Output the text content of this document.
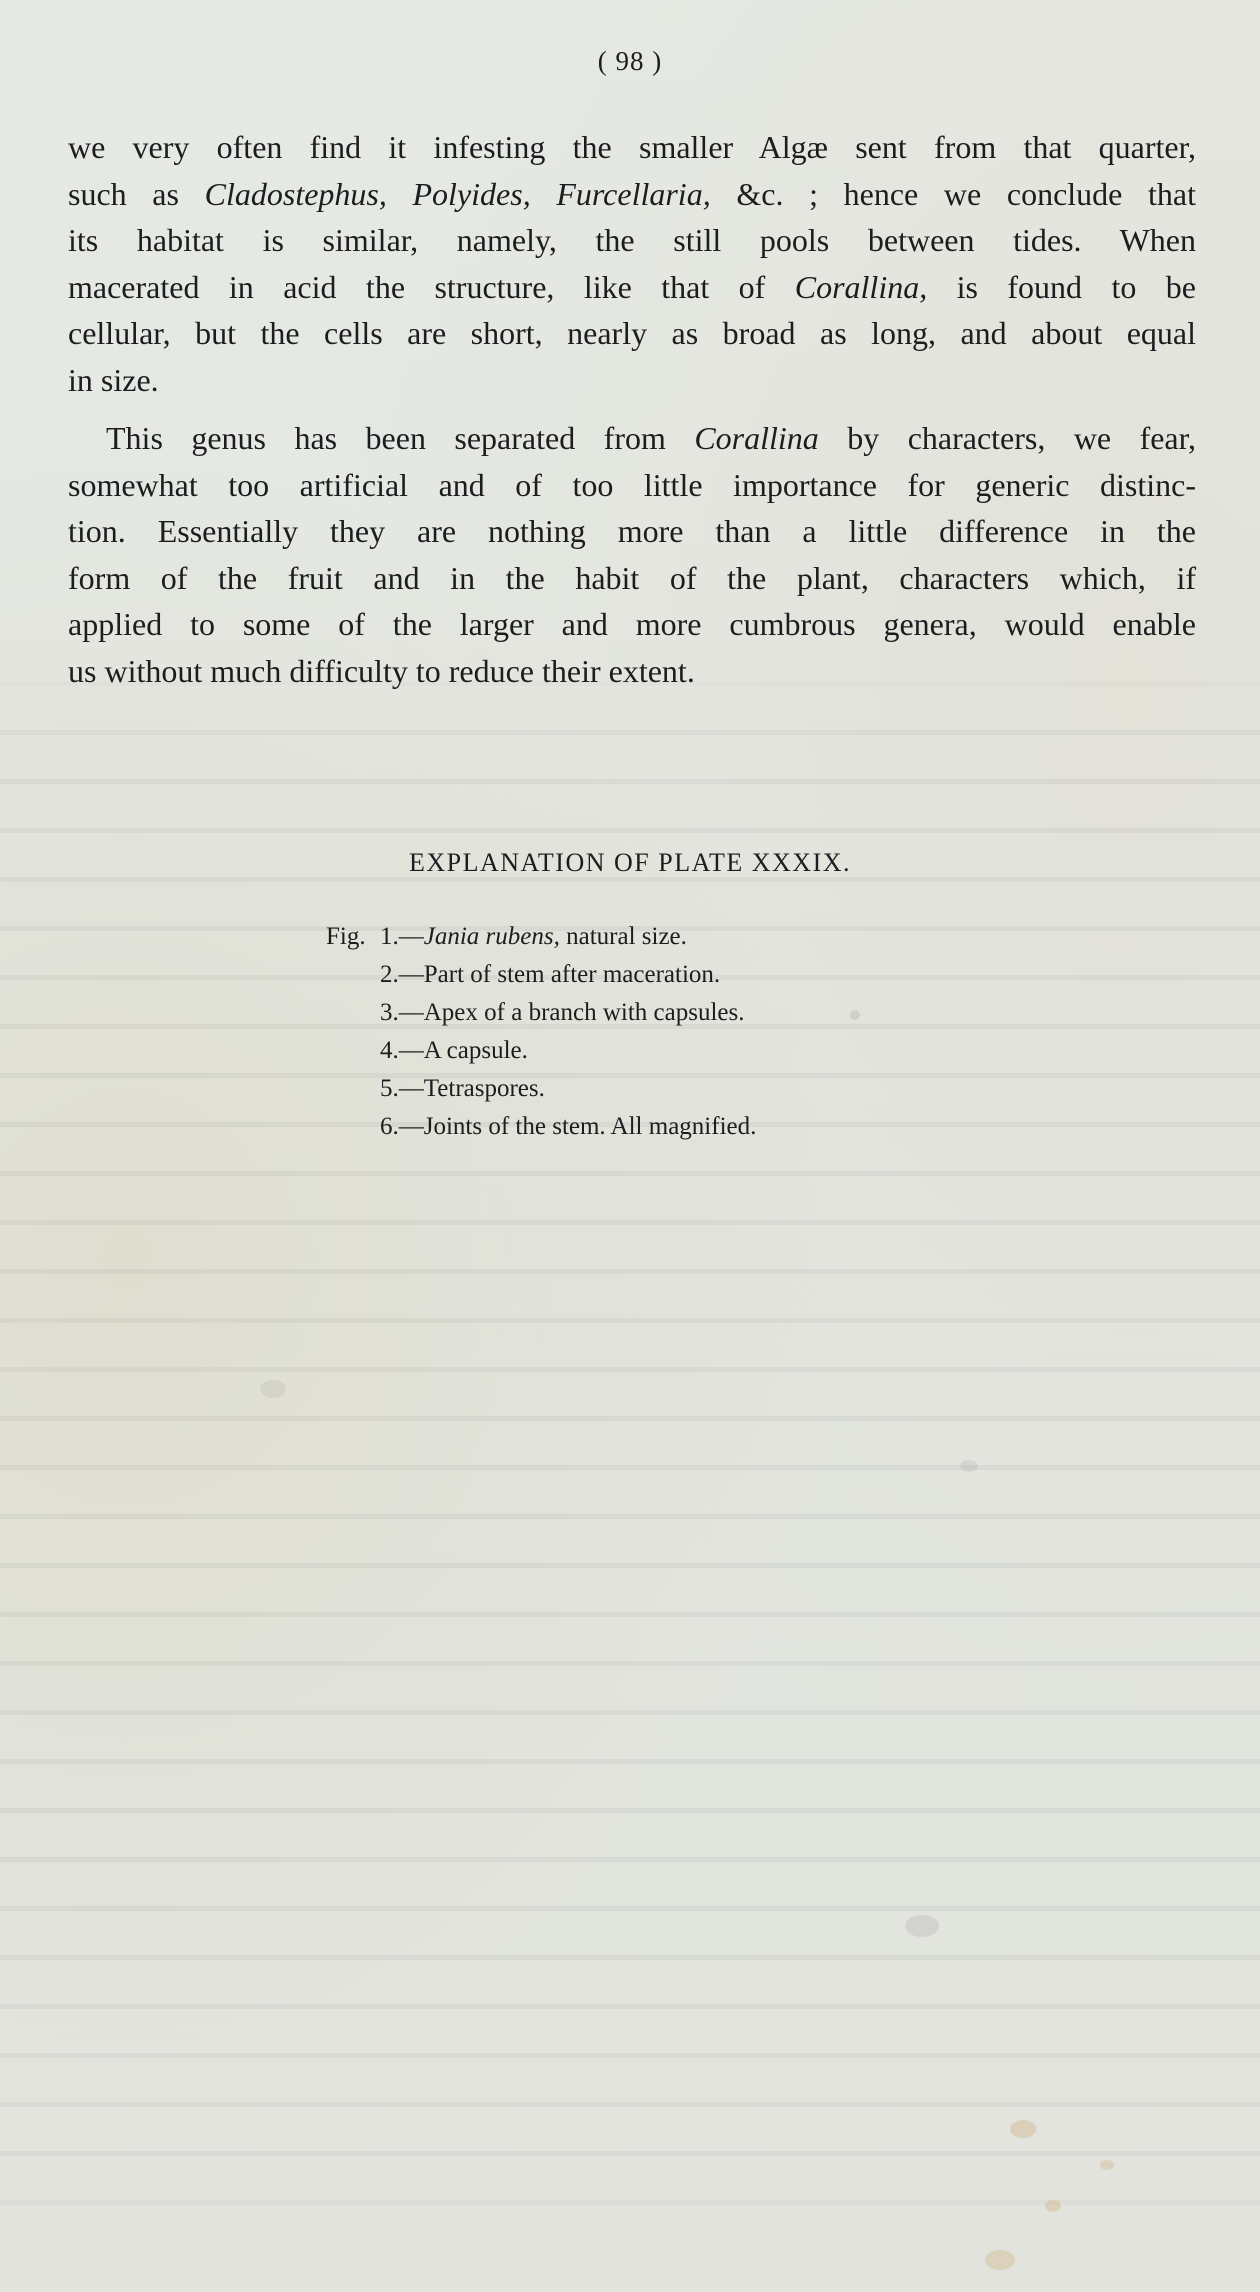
( 98 )

we very often find it infesting the smaller Algæ sent from that quarter,
such as Cladostephus, Polyides, Furcellaria, &c. ; hence we conclude that
its habitat is similar, namely, the still pools between tides. When
macerated in acid the structure, like that of Corallina, is found to be
cellular, but the cells are short, nearly as broad as long, and about equal
in size.

This genus has been separated from Corallina by characters, we fear,
somewhat too artificial and of too little importance for generic distinc-
tion. Essentially they are nothing more than a little difference in the
form of the fruit and in the habit of the plant, characters which, if
applied to some of the larger and more cumbrous genera, would enable
us without much difficulty to reduce their extent.

EXPLANATION OF PLATE XXXIX.
Fig. 1. —Jania rubens, natural size.
2. —Part of stem after maceration.
3. —Apex of a branch with capsules.
4. —A capsule.
5. —Tetraspores.
6. —Joints of the stem. All magnified.
